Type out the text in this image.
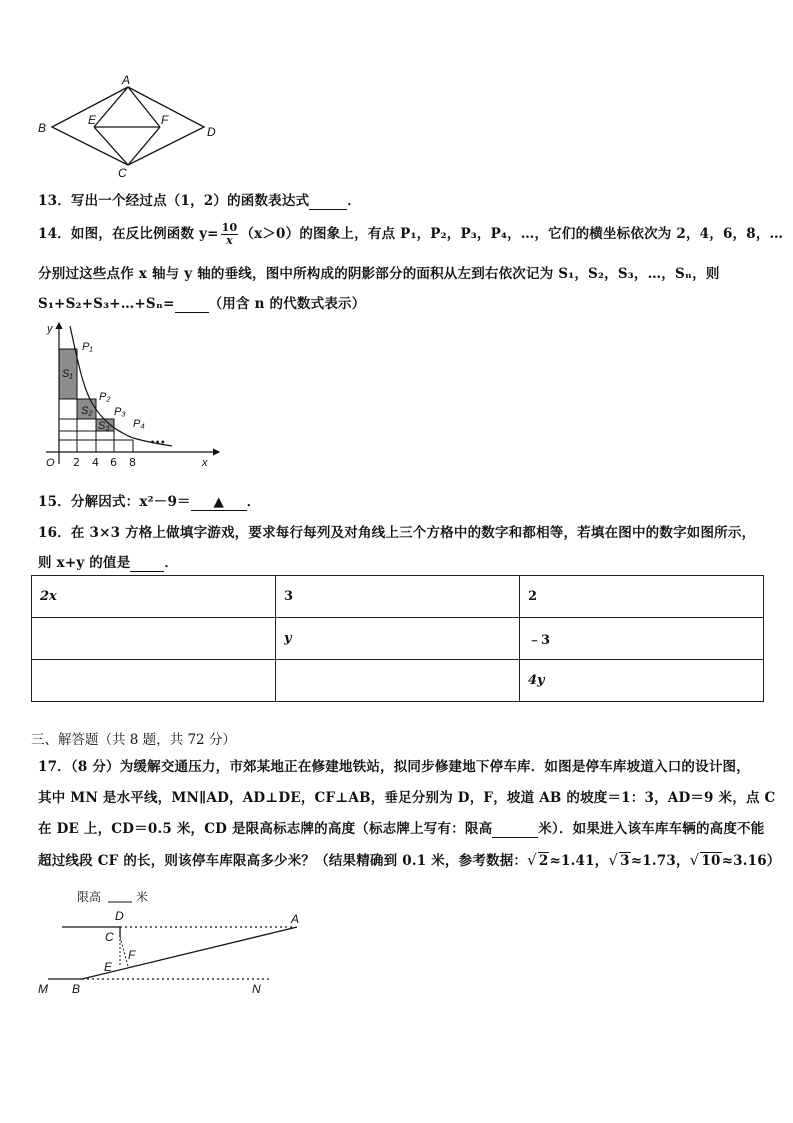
A
B
E	F
D
C
13．写出一个经过点（1，2）的函数表达式	．
14．如图，在反比例函数 $y= \frac{10}{x} (x>0)$的图象上，有点 P₁，P₂，P₃，P₄，…，它们的横坐标依次为 2，4，6，8，…
分别过这些点作 x 轴与 y 轴的垂线，图中所构成的阴影部分的面积从左到右依次记为 S₁，S₂，S₃，…，Sₙ，则
S₁+S₂+S₃+…+Sₙ=	（用含 n 的代数式表示）
y
x
O
P₁
P₂
P₃
P₄
S₁
S₂
S₃
2 4 6 8
•••
15．分解因式：x²－9＝ ▲ ．
16．在 3×3 方格上做填字游戏，要求每行每列及对角线上三个方格中的数字和都相等，若填在图中的数字如图所示，
则 x+y 的值是	．
2x	3	2
	y	﹣3
		4y
三、解答题（共 8 题，共 72 分）
17．（8 分）为缓解交通压力，市郊某地正在修建地铁站，拟同步修建地下停车库．如图是停车库坡道入口的设计图，
其中 MN 是水平线，MN∥AD，AD⊥DE，CF⊥AB，垂足分别为 D，F，坡道 AB 的坡度＝1：3，AD＝9 米，点 C
在 DE 上，CD＝0.5 米，CD 是限高标志牌的高度（标志牌上写有：限高	米）．如果进入该车库车辆的高度不能
超过线段 CF 的长，则该停车库限高多少米？（结果精确到 0.1 米，参考数据：√ 2≈1.41，√ 3≈1.73，√ 10≈3.16）
限高	米
D	A
C
E
F
M B	N
